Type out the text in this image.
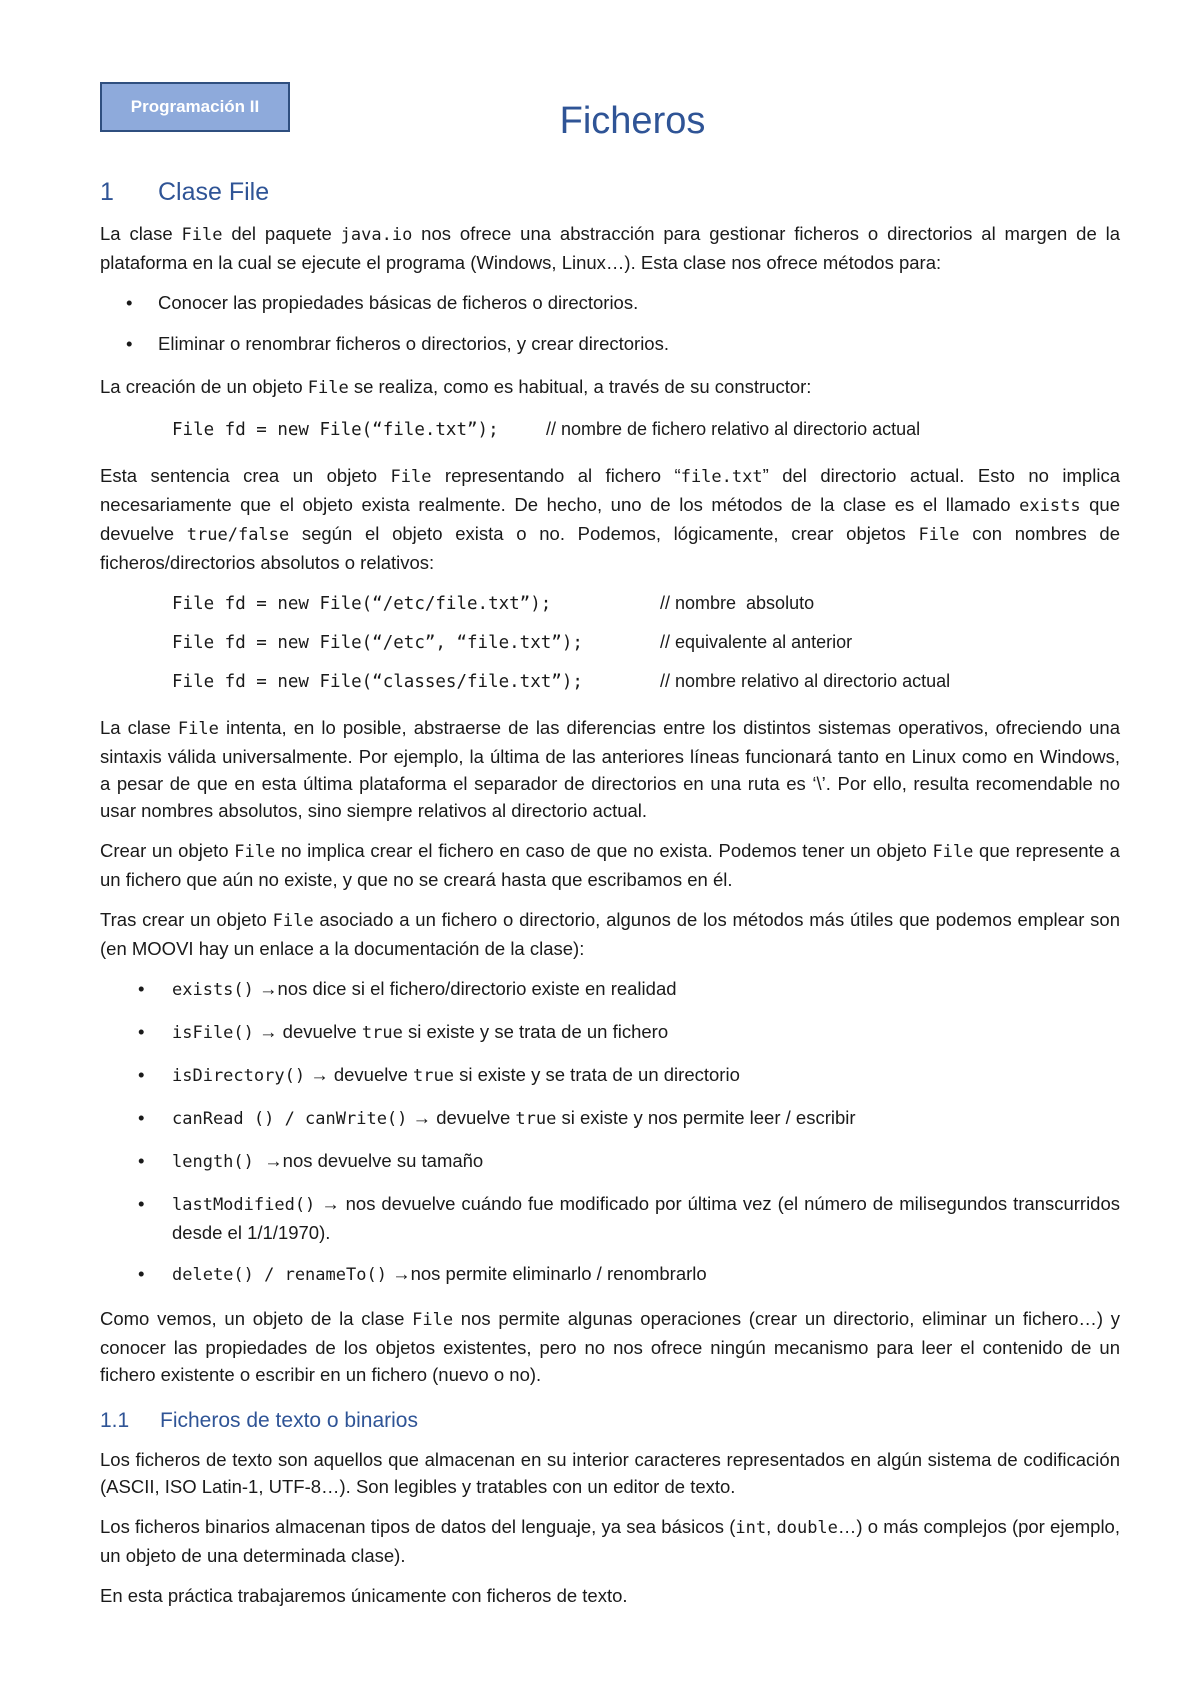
Programación II	Ficheros
1 Clase File

La clase File del paquete java.io nos ofrece una abstracción para gestionar ficheros o directorios al margen de la plataforma en la cual se ejecute el programa (Windows, Linux…). Esta clase nos ofrece métodos para:

• Conocer las propiedades básicas de ficheros o directorios.
• Eliminar o renombrar ficheros o directorios, y crear directorios.

La creación de un objeto File se realiza, como es habitual, a través de su constructor:

File fd = new File(“file.txt”);	// nombre de fichero relativo al directorio actual

Esta sentencia crea un objeto File representando al fichero “file.txt” del directorio actual. Esto no implica necesariamente que el objeto exista realmente. De hecho, uno de los métodos de la clase es el llamado exists que devuelve true/false según el objeto exista o no. Podemos, lógicamente, crear objetos File con nombres de ficheros/directorios absolutos o relativos:

File fd = new File(“/etc/file.txt”);	// nombre  absoluto
File fd = new File(“/etc”, “file.txt”);	// equivalente al anterior
File fd = new File(“classes/file.txt”);	// nombre relativo al directorio actual

La clase File intenta, en lo posible, abstraerse de las diferencias entre los distintos sistemas operativos, ofreciendo una sintaxis válida universalmente. Por ejemplo, la última de las anteriores líneas funcionará tanto en Linux como en Windows, a pesar de que en esta última plataforma el separador de directorios en una ruta es ‘\’. Por ello, resulta recomendable no usar nombres absolutos, sino siempre relativos al directorio actual.

Crear un objeto File no implica crear el fichero en caso de que no exista. Podemos tener un objeto File que represente a un fichero que aún no existe, y que no se creará hasta que escribamos en él.

Tras crear un objeto File asociado a un fichero o directorio, algunos de los métodos más útiles que podemos emplear son (en MOOVI hay un enlace a la documentación de la clase):

• exists() →nos dice si el fichero/directorio existe en realidad
• isFile() → devuelve true si existe y se trata de un fichero
• isDirectory() → devuelve true si existe y se trata de un directorio
• canRead () / canWrite() → devuelve true si existe y nos permite leer / escribir
• length() →nos devuelve su tamaño
• lastModified() → nos devuelve cuándo fue modificado por última vez (el número de milisegundos transcurridos desde el 1/1/1970).
• delete() / renameTo() →nos permite eliminarlo / renombrarlo

Como vemos, un objeto de la clase File nos permite algunas operaciones (crear un directorio, eliminar un fichero…) y conocer las propiedades de los objetos existentes, pero no nos ofrece ningún mecanismo para leer el contenido de un fichero existente o escribir en un fichero (nuevo o no).

1.1 Ficheros de texto o binarios

Los ficheros de texto son aquellos que almacenan en su interior caracteres representados en algún sistema de codificación (ASCII, ISO Latin-1, UTF-8…). Son legibles y tratables con un editor de texto.

Los ficheros binarios almacenan tipos de datos del lenguaje, ya sea básicos (int, double…) o más complejos (por ejemplo, un objeto de una determinada clase).

En esta práctica trabajaremos únicamente con ficheros de texto.
